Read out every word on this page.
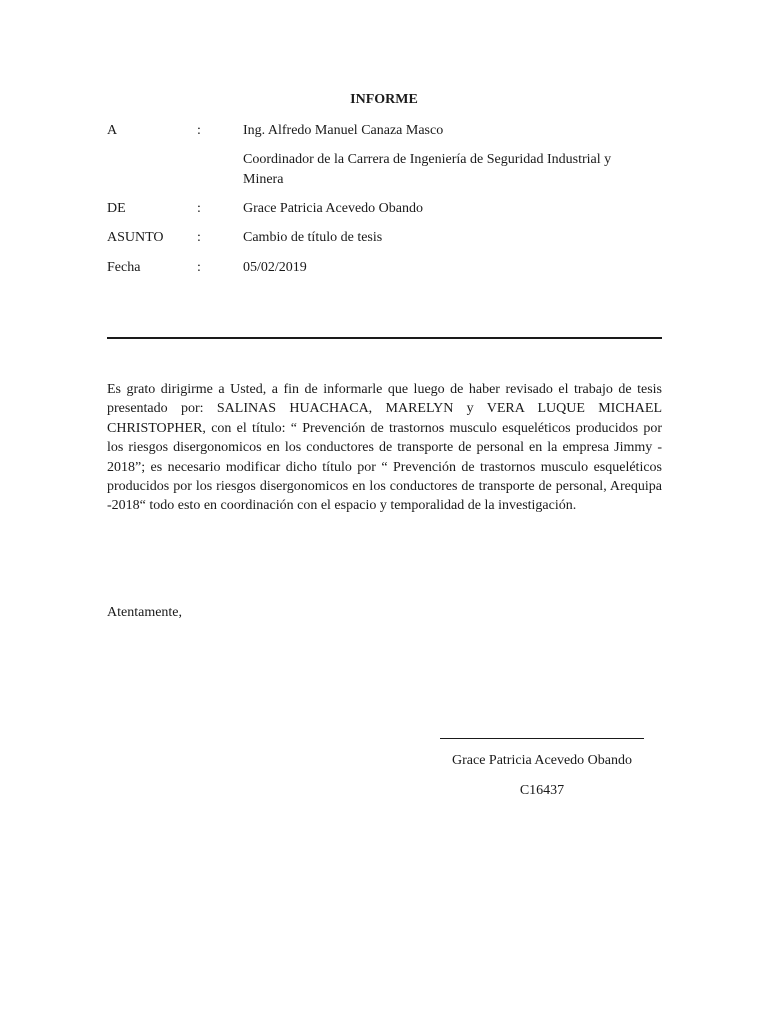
INFORME
A	:	Ing. Alfredo Manuel Canaza Masco
Coordinador de la Carrera de Ingeniería de Seguridad Industrial y Minera
DE	:	Grace Patricia Acevedo Obando
ASUNTO :	Cambio de título de tesis
Fecha	:	05/02/2019
Es grato dirigirme a Usted, a fin de informarle que luego de haber revisado el trabajo de tesis presentado por: SALINAS HUACHACA, MARELYN y VERA LUQUE MICHAEL CHRISTOPHER, con el título: “ Prevención de trastornos musculo esqueléticos producidos por los riesgos disergonomicos en los conductores de transporte de personal en la empresa Jimmy - 2018”; es necesario modificar dicho título por “ Prevención de trastornos musculo esqueléticos producidos por los riesgos disergonomicos en los conductores de transporte de personal, Arequipa -2018“ todo esto en coordinación con el espacio y temporalidad de la investigación.
Atentamente,
Grace Patricia Acevedo Obando
C16437
